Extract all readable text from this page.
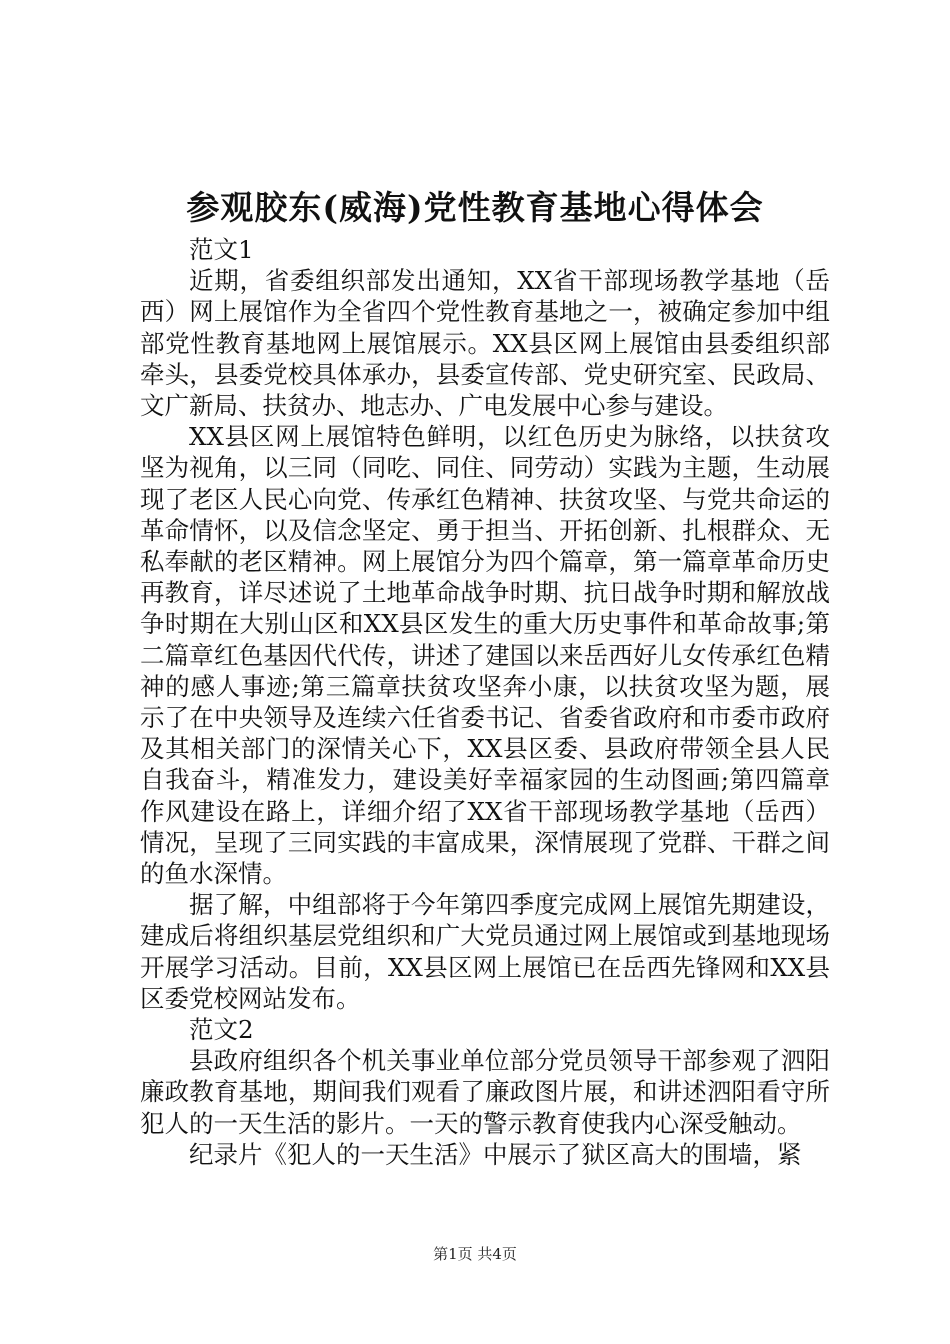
参观胶东(威海)党性教育基地心得体会

范文1

近期，省委组织部发出通知，XX省干部现场教学基地（岳西）网上展馆作为全省四个党性教育基地之一，被确定参加中组部党性教育基地网上展馆展示。XX县区网上展馆由县委组织部牵头，县委党校具体承办，县委宣传部、党史研究室、民政局、文广新局、扶贫办、地志办、广电发展中心参与建设。

XX县区网上展馆特色鲜明，以红色历史为脉络，以扶贫攻坚为视角，以三同（同吃、同住、同劳动）实践为主题，生动展现了老区人民心向党、传承红色精神、扶贫攻坚、与党共命运的革命情怀，以及信念坚定、勇于担当、开拓创新、扎根群众、无私奉献的老区精神。网上展馆分为四个篇章，第一篇章革命历史再教育，详尽述说了土地革命战争时期、抗日战争时期和解放战争时期在大别山区和XX县区发生的重大历史事件和革命故事;第二篇章红色基因代代传，讲述了建国以来岳西好儿女传承红色精神的感人事迹;第三篇章扶贫攻坚奔小康，以扶贫攻坚为题，展示了在中央领导及连续六任省委书记、省委省政府和市委市政府及其相关部门的深情关心下，XX县区委、县政府带领全县人民自我奋斗，精准发力，建设美好幸福家园的生动图画;第四篇章作风建设在路上，详细介绍了XX省干部现场教学基地（岳西）情况，呈现了三同实践的丰富成果，深情展现了党群、干群之间的鱼水深情。

据了解，中组部将于今年第四季度完成网上展馆先期建设，建成后将组织基层党组织和广大党员通过网上展馆或到基地现场开展学习活动。目前，XX县区网上展馆已在岳西先锋网和XX县区委党校网站发布。

范文2

县政府组织各个机关事业单位部分党员领导干部参观了泗阳廉政教育基地，期间我们观看了廉政图片展，和讲述泗阳看守所犯人的一天生活的影片。一天的警示教育使我内心深受触动。

纪录片《犯人的一天生活》中展示了狱区高大的围墙，紧

第1页 共4页
